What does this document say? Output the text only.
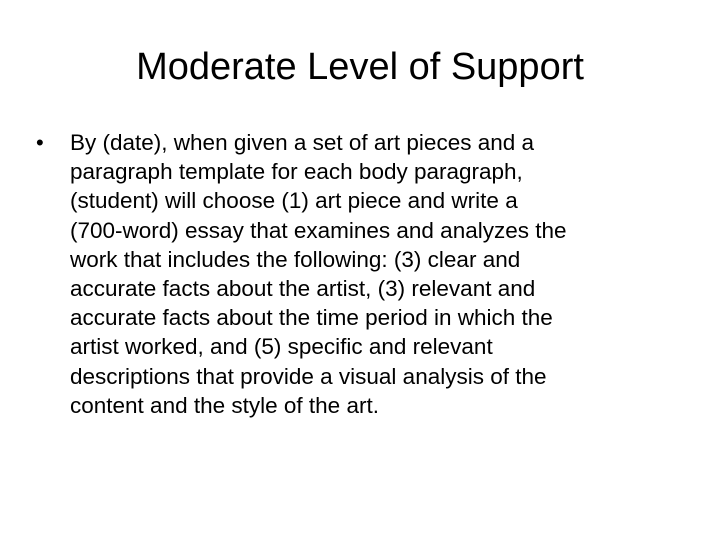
Moderate Level of Support
• By (date), when given a set of art pieces and a
paragraph template for each body paragraph,
(student) will choose (1) art piece and write a
(700-word) essay that examines and analyzes the
work that includes the following: (3) clear and
accurate facts about the artist, (3) relevant and
accurate facts about the time period in which the
artist worked, and (5) specific and relevant
descriptions that provide a visual analysis of the
content and the style of the art.
